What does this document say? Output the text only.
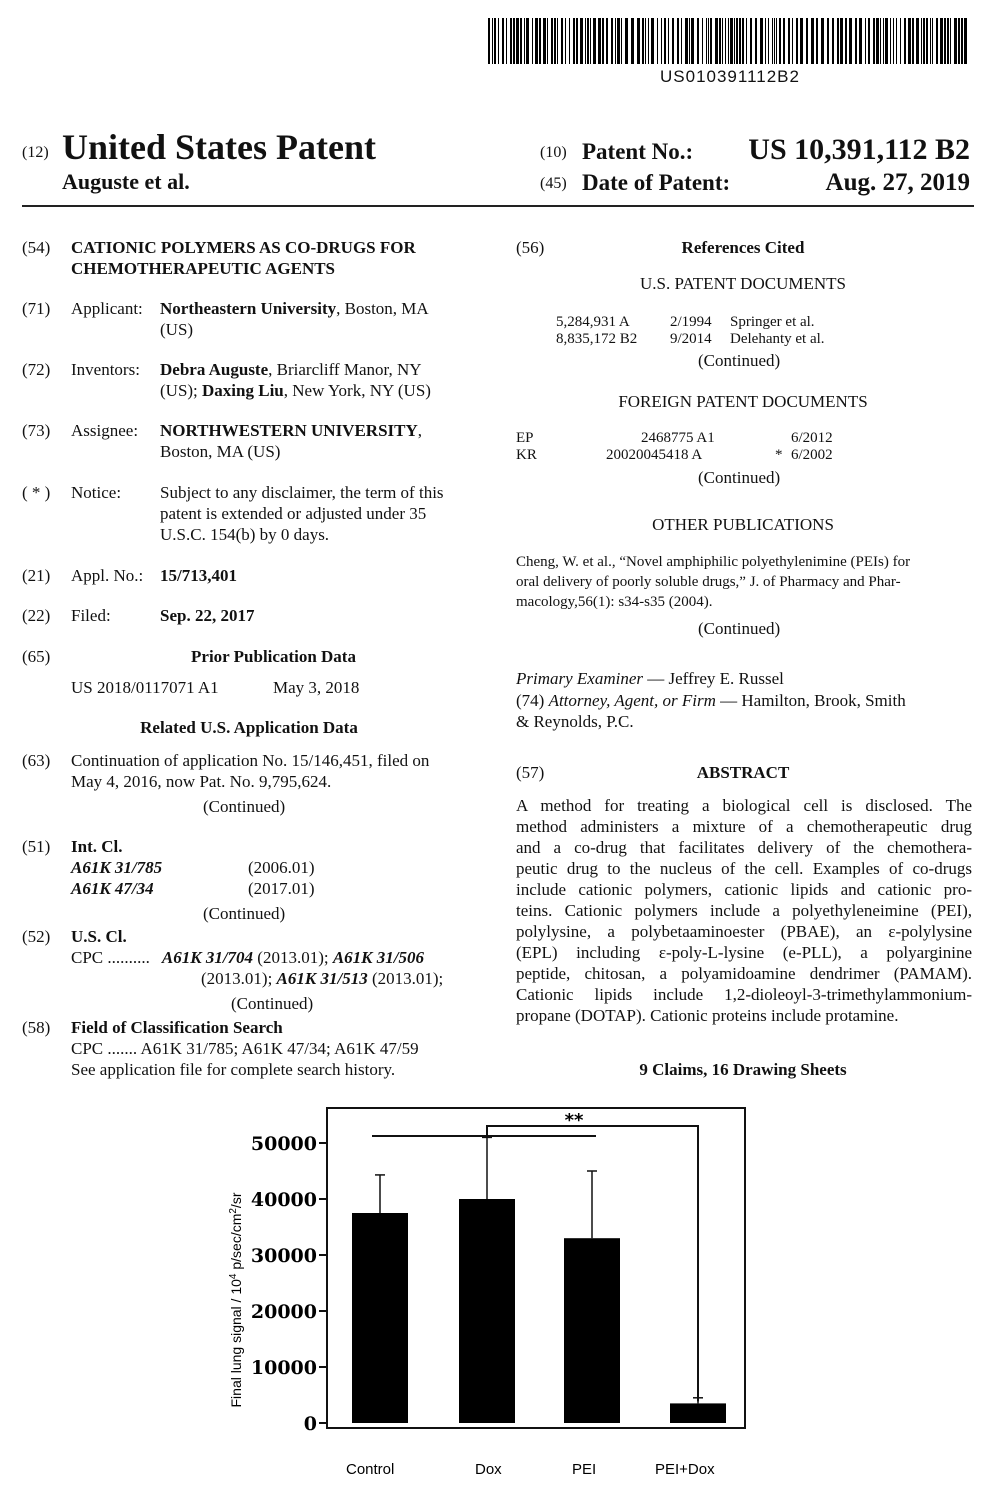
US010391112B2
(12) United States Patent
Auguste et al.
(10) Patent No.: US 10,391,112 B2
(45) Date of Patent:	Aug. 27, 2019
(54) CATIONIC POLYMERS AS CO-DRUGS FOR
CHEMOTHERAPEUTIC AGENTS
(71) Applicant: Northeastern University, Boston, MA
(US)
(72) Inventors: Debra Auguste, Briarcliff Manor, NY
(US); Daxing Liu, New York, NY (US)
(73) Assignee: NORTHWESTERN UNIVERSITY,
Boston, MA (US)
( * ) Notice: Subject to any disclaimer, the term of this
patent is extended or adjusted under 35
U.S.C. 154(b) by 0 days.
(21) Appl. No.: 15/713,401
(22) Filed:	Sep. 22, 2017
(65)	Prior Publication Data
US 2018/0117071 A1	May 3, 2018
Related U.S. Application Data
(63) Continuation of application No. 15/146,451, filed on
May 4, 2016, now Pat. No. 9,795,624.
(Continued)
(51) Int. Cl.
A61K 31/785	(2006.01)
A61K 47/34	(2017.01)
(Continued)
(52) U.S. Cl.
CPC .......... A61K 31/704 (2013.01); A61K 31/506
(2013.01); A61K 31/513 (2013.01);
(Continued)
(58) Field of Classification Search
CPC ....... A61K 31/785; A61K 47/34; A61K 47/59
See application file for complete search history.
(56)	References Cited
U.S. PATENT DOCUMENTS
5,284,931 A	2/1994 Springer et al.
8,835,172 B2 9/2014 Delehanty et al.
(Continued)
FOREIGN PATENT DOCUMENTS
EP	2468775 A1	6/2012
KR	20020045418 A	* 6/2002
(Continued)
OTHER PUBLICATIONS
Cheng, W. et al., “Novel amphiphilic polyethylenimine (PEIs) for
oral delivery of poorly soluble drugs,” J. of Pharmacy and Phar-
macology,56(1): s34-s35 (2004).
(Continued)
Primary Examiner — Jeffrey E. Russel
(74) Attorney, Agent, or Firm — Hamilton, Brook, Smith
& Reynolds, P.C.
(57)	ABSTRACT
A method for treating a biological cell is disclosed. The
method administers a mixture of a chemotherapeutic drug
and a co-drug that facilitates delivery of the chemothera-
peutic drug to the nucleus of the cell. Examples of co-drugs
include cationic polymers, cationic lipids and cationic pro-
teins. Cationic polymers include a polyethyleneimine (PEI),
polylysine, a polybetaaminoester (PBAE), an ε-polylysine
(EPL) including ε-poly-L-lysine (e-PLL), a polyarginine
peptide, chitosan, a polyamidoamine dendrimer (PAMAM).
Cationic lipids include 1,2-dioleoyl-3-trimethylammonium-
propane (DOTAP). Cationic proteins include protamine.
9 Claims, 16 Drawing Sheets
0
10000
20000
30000
40000
50000
**
Control	Dox	PEI	PEI+Dox
Final lung signal / $10^4$ $p/\sec/cm^2/sr$
